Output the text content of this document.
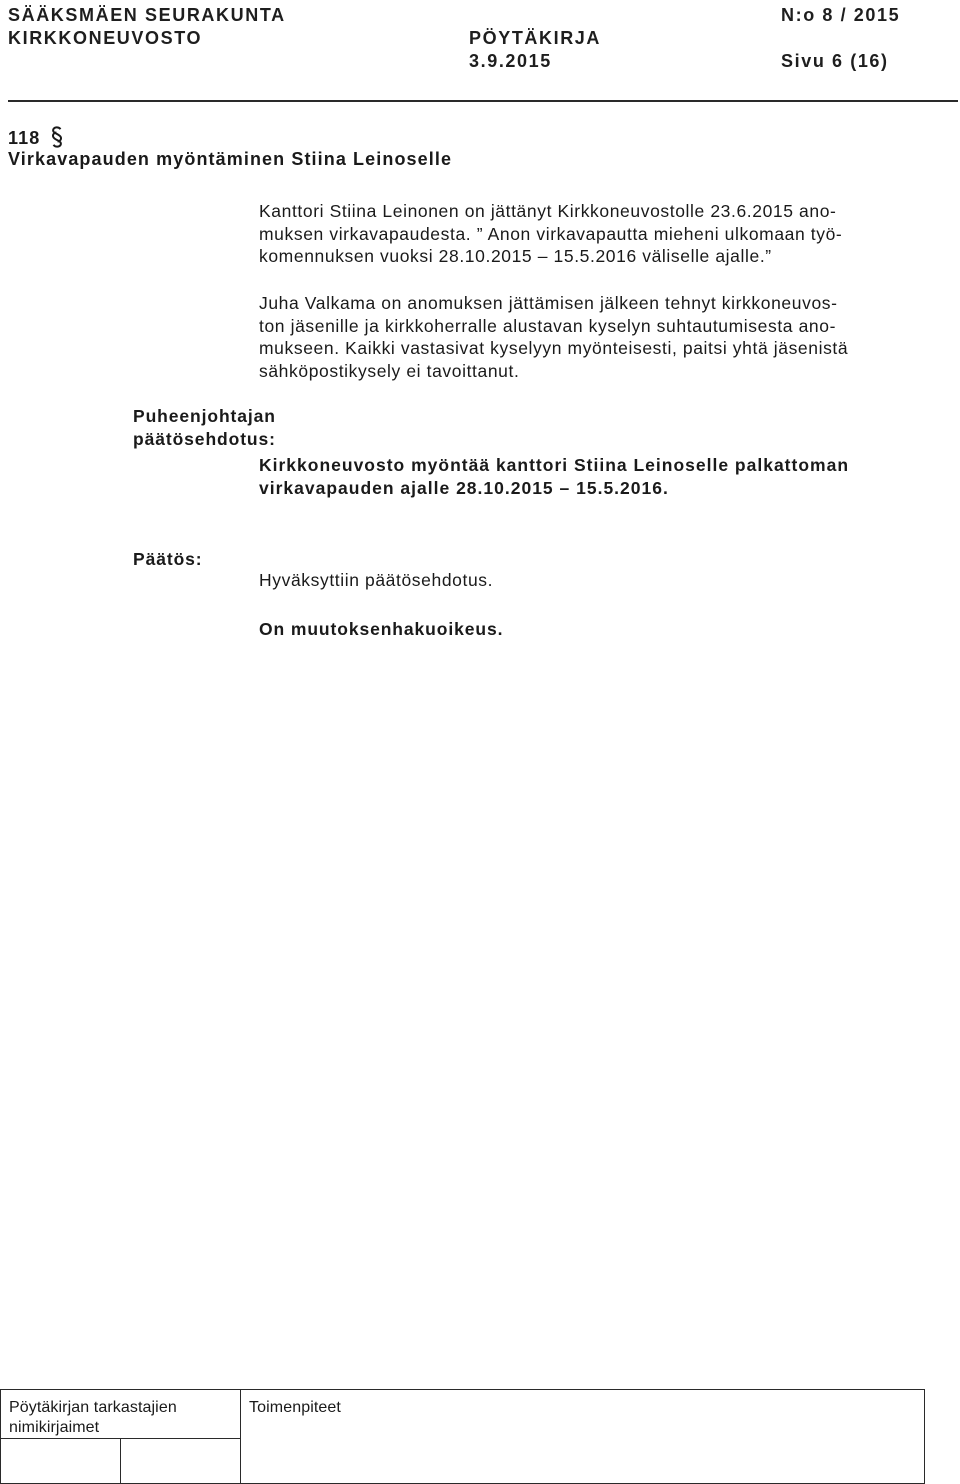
SÄÄKSMÄEN SEURAKUNTA	N:o 8 / 2015
KIRKKONEUVOSTO	PÖYTÄKIRJA
3.9.2015	Sivu 6 (16)
118
Virkavapauden myöntäminen Stiina Leinoselle
Kanttori Stiina Leinonen on jättänyt Kirkkoneuvostolle 23.6.2015 ano-
muksen virkavapaudesta. ” Anon virkavapautta mieheni ulkomaan työ-
komennuksen vuoksi 28.10.2015 – 15.5.2016 väliselle ajalle.”
Juha Valkama on anomuksen jättämisen jälkeen tehnyt kirkkoneuvos-
ton jäsenille ja kirkkoherralle alustavan kyselyn suhtautumisesta ano-
mukseen. Kaikki vastasivat kyselyyn myönteisesti, paitsi yhtä jäsenistä
sähköpostikysely ei tavoittanut.
Puheenjohtajan
päätösehdotus:
Kirkkoneuvosto myöntää kanttori Stiina Leinoselle palkattoman
virkavapauden ajalle 28.10.2015 – 15.5.2016.
Päätös:
Hyväksyttiin päätösehdotus.
On muutoksenhakuoikeus.
Pöytäkirjan tarkastajien
nimikirjaimet		Toimenpiteet
